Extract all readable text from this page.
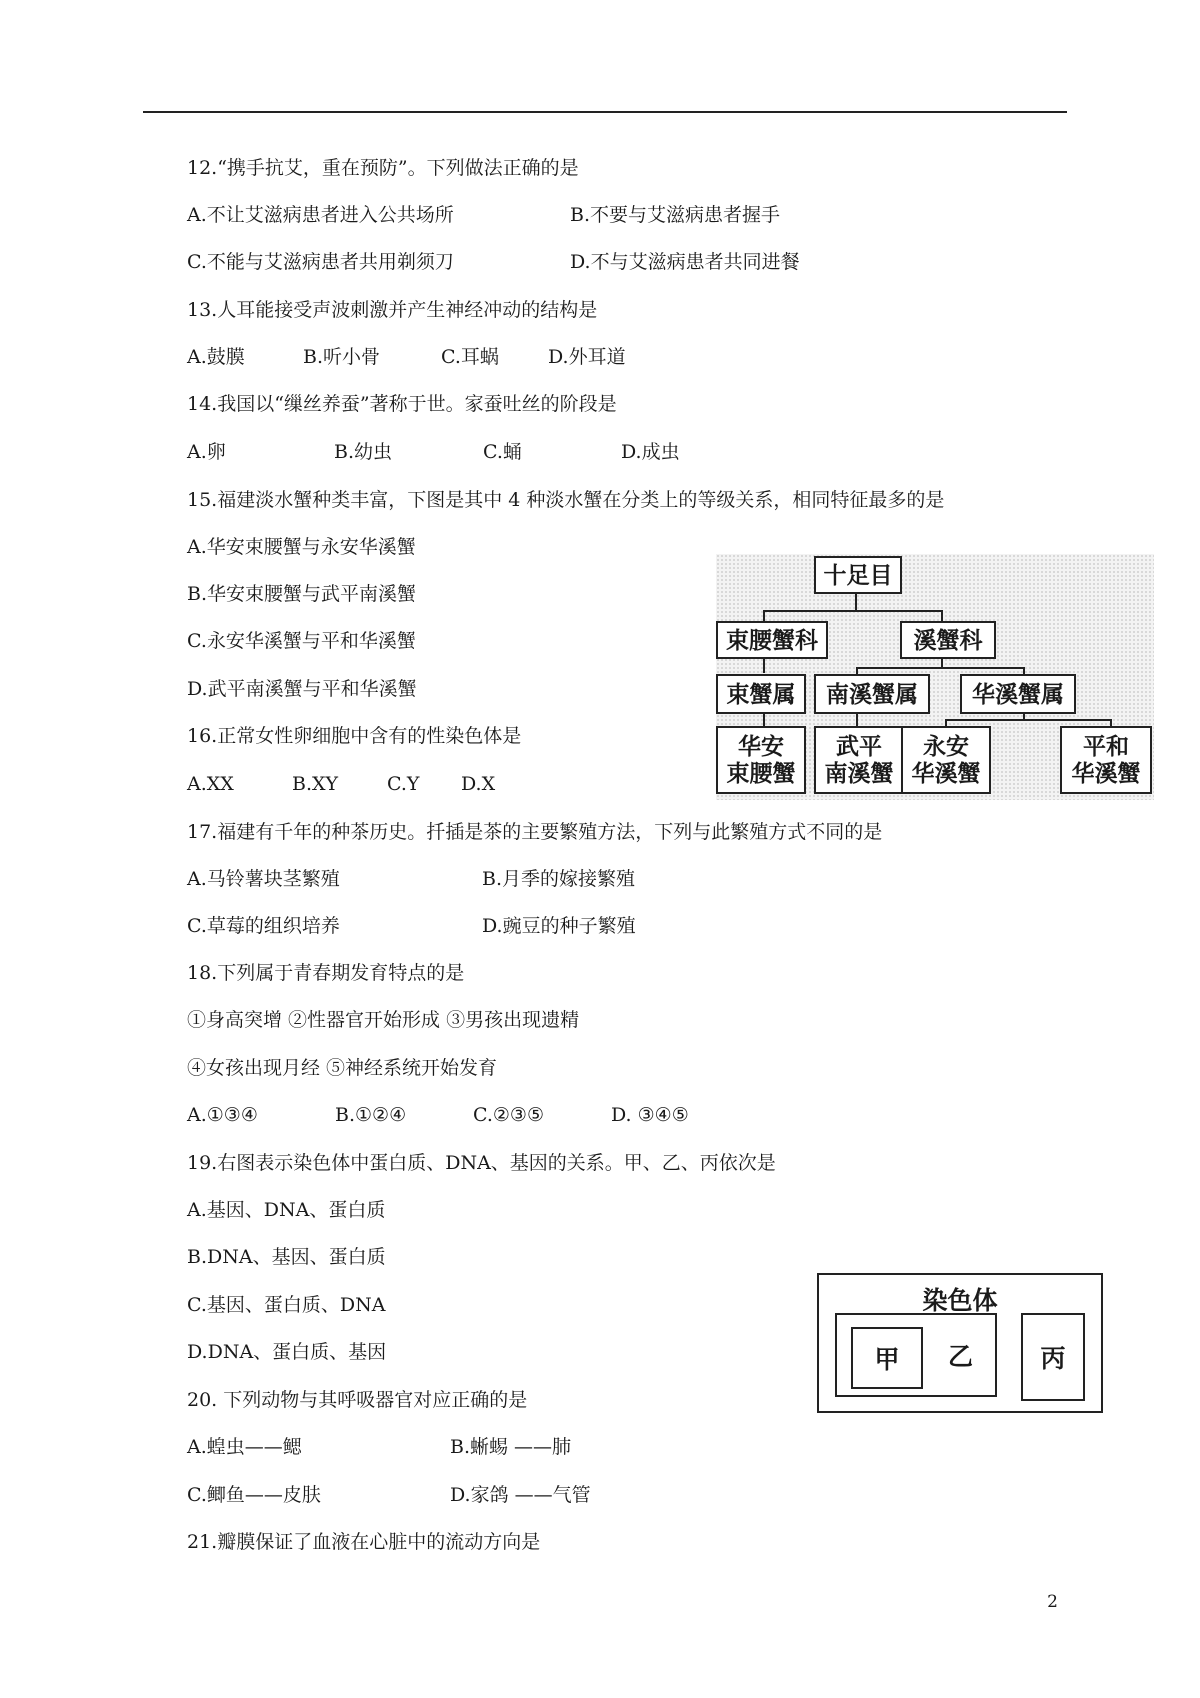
12.“携手抗艾，重在预防”。下列做法正确的是
A.不让艾滋病患者进入公共场所	B.不要与艾滋病患者握手
C.不能与艾滋病患者共用剃须刀	D.不与艾滋病患者共同进餐
13.人耳能接受声波刺激并产生神经冲动的结构是
A.鼓膜	B.听小骨	C.耳蜗	D.外耳道
14.我国以“缫丝养蚕”著称于世。家蚕吐丝的阶段是
A.卵	B.幼虫	C.蛹	D.成虫
15.福建淡水蟹种类丰富，下图是其中 4 种淡水蟹在分类上的等级关系，相同特征最多的是
A.华安束腰蟹与永安华溪蟹
B.华安束腰蟹与武平南溪蟹
C.永安华溪蟹与平和华溪蟹
D.武平南溪蟹与平和华溪蟹
十足目
束腰蟹科	溪蟹科
束蟹属	南溪蟹属	华溪蟹属
华安
束腰蟹
武平
南溪蟹
永安
华溪蟹
平和
华溪蟹
16.正常女性卵细胞中含有的性染色体是
A.XX	B.XY	C.Y D.X
17.福建有千年的种茶历史。扦插是茶的主要繁殖方法，下列与此繁殖方式不同的是
A.马铃薯块茎繁殖	B.月季的嫁接繁殖
C.草莓的组织培养	D.豌豆的种子繁殖
18.下列属于青春期发育特点的是
①身高突增 ②性器官开始形成 ③男孩出现遗精
④女孩出现月经 ⑤神经系统开始发育
A.①③④	B.①②④	C.②③⑤	D. ③④⑤
19.右图表示染色体中蛋白质、DNA、基因的关系。甲、乙、丙依次是
A.基因、DNA、蛋白质
B.DNA、基因、蛋白质
C.基因、蛋白质、DNA
D.DNA、蛋白质、基因
染色体
乙
甲	丙
20. 下列动物与其呼吸器官对应正确的是
A.蝗虫——鳃	B.蜥蜴 ——肺
C.鲫鱼——皮肤	D.家鸽 ——气管
21.瓣膜保证了血液在心脏中的流动方向是
2
